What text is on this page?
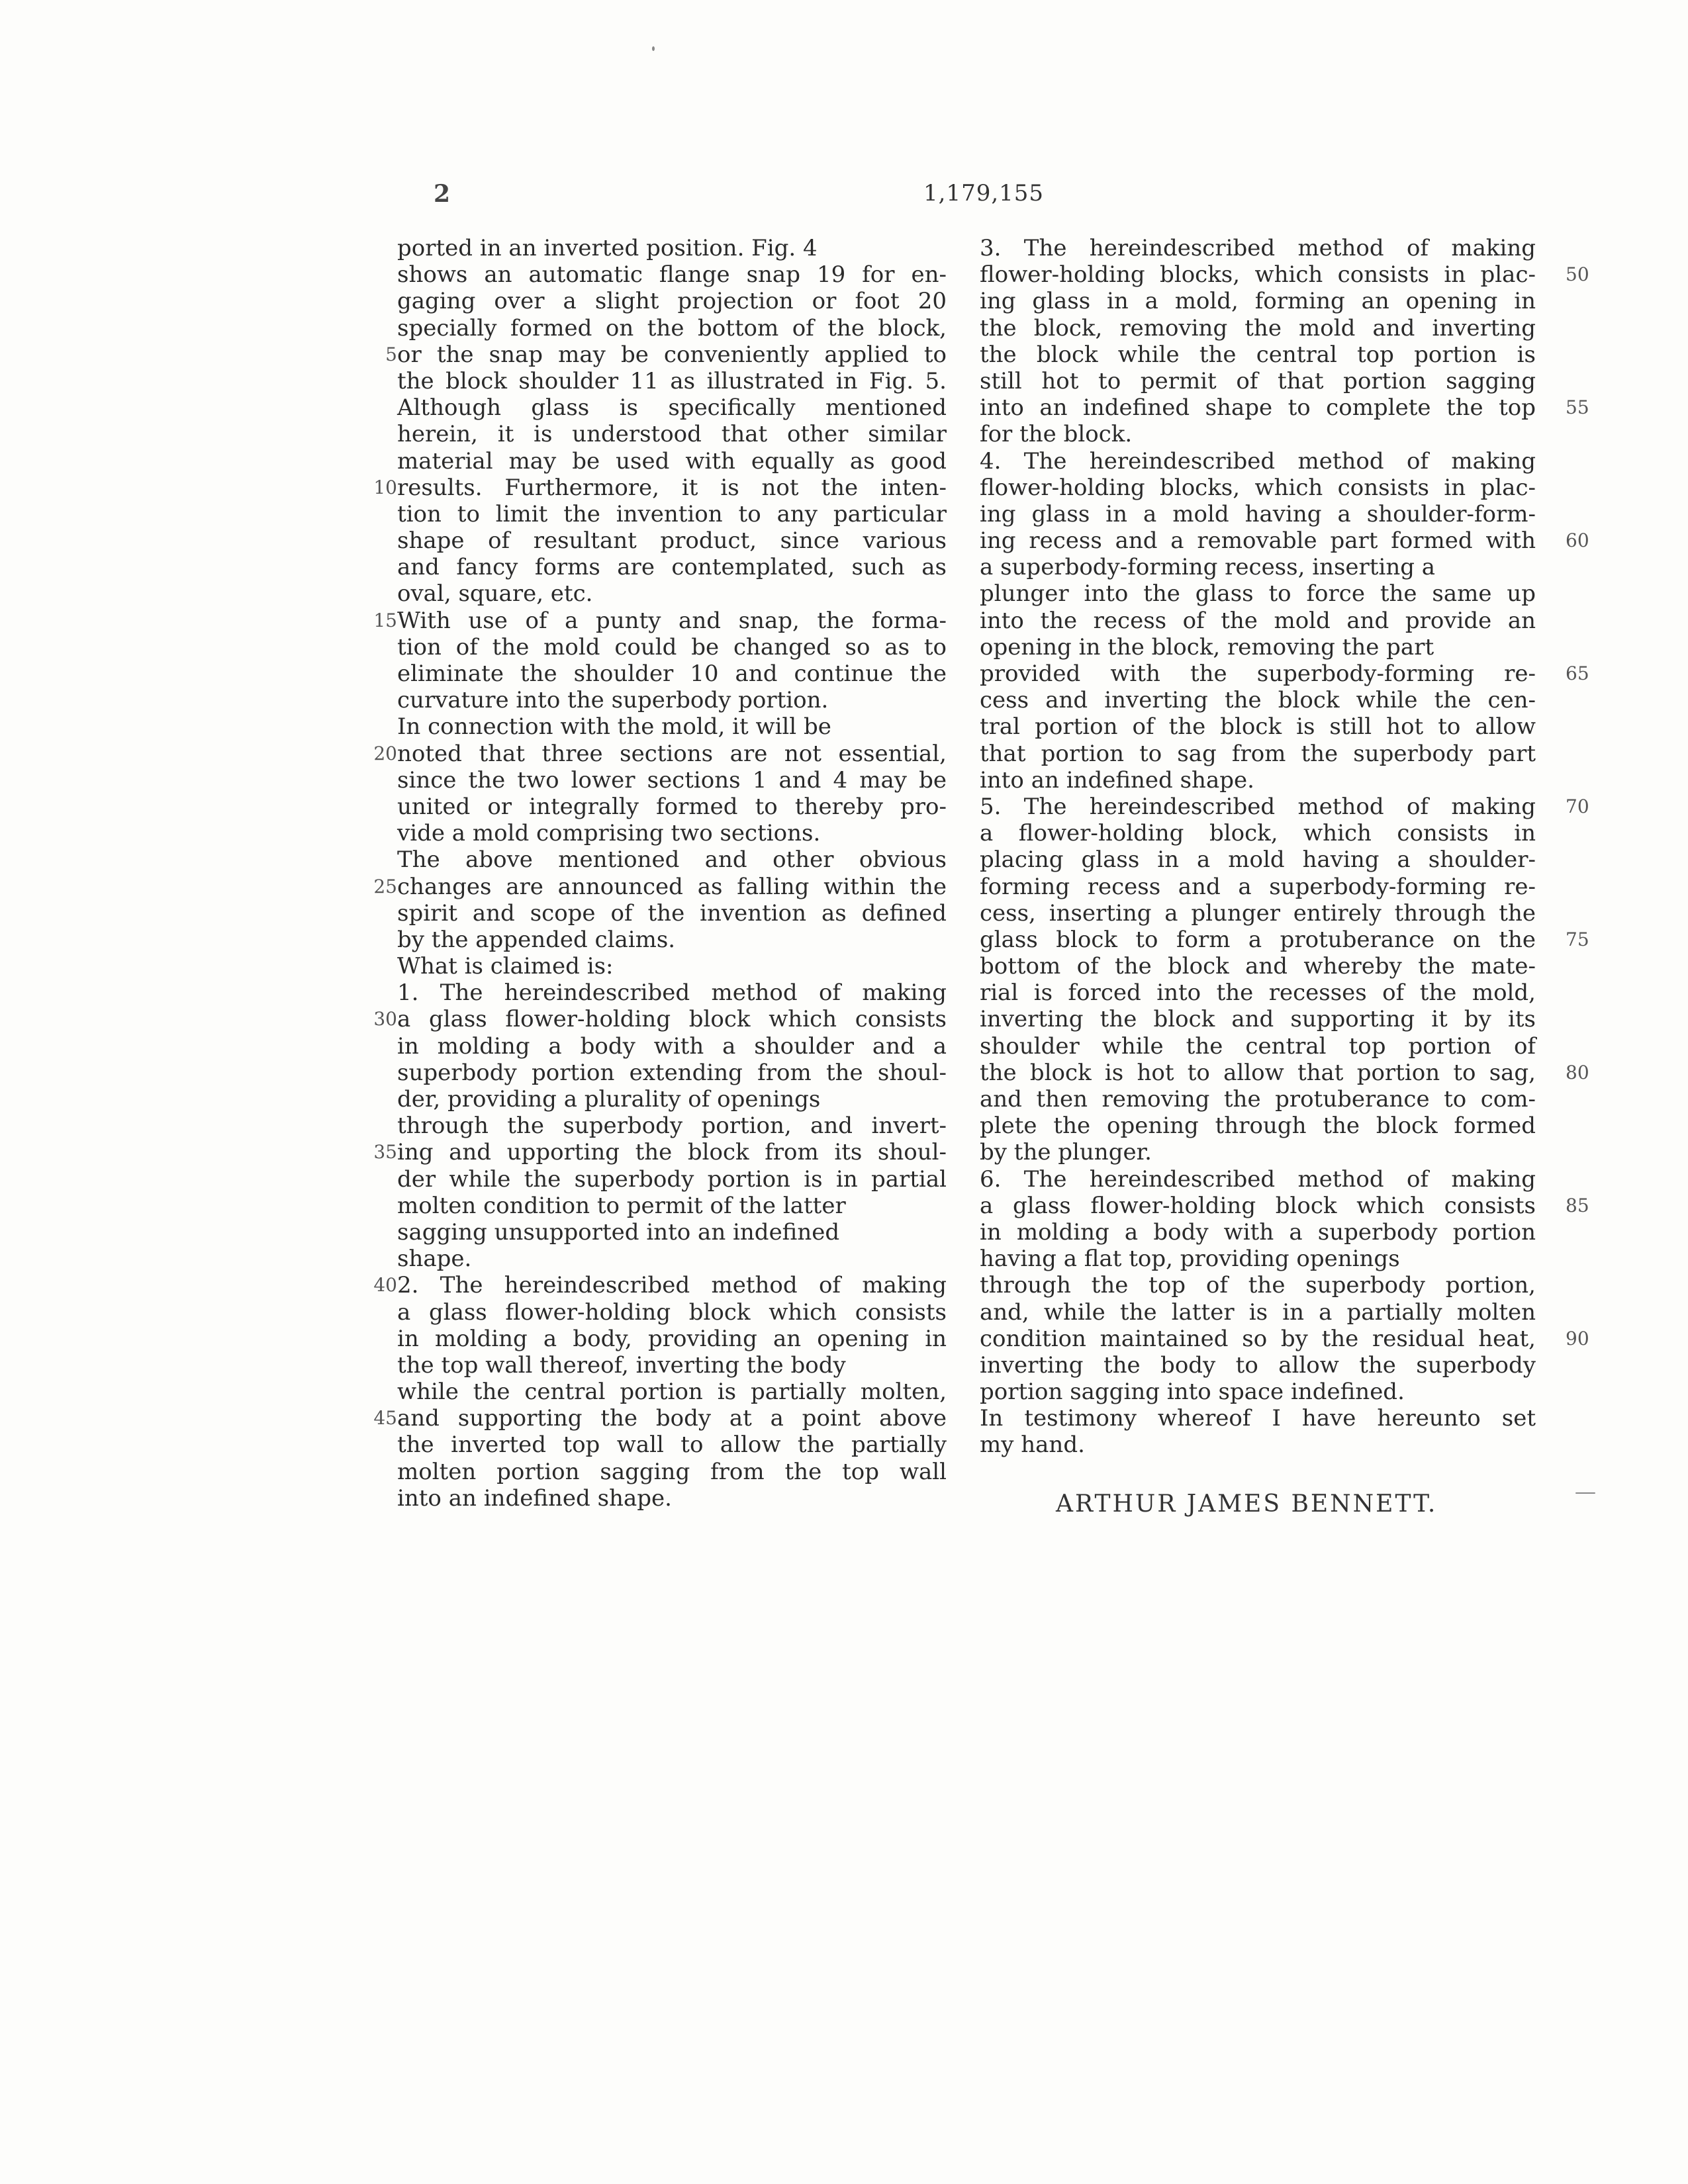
2	1,179,155
ported in an inverted position. Fig. 4
shows an automatic flange snap 19 for en-
gaging over a slight projection or foot 20
specially formed on the bottom of the block,
or the snap may be conveniently applied to
5
the block shoulder 11 as illustrated in Fig. 5.
Although glass is specifically mentioned
herein, it is understood that other similar
material may be used with equally as good
results. Furthermore, it is not the inten-
10
tion to limit the invention to any particular
shape of resultant product, since various
and fancy forms are contemplated, such as
oval, square, etc.
With use of a punty and snap, the forma-
15
tion of the mold could be changed so as to
eliminate the shoulder 10 and continue the
curvature into the superbody portion.
In connection with the mold, it will be
noted that three sections are not essential,
20
since the two lower sections 1 and 4 may be
united or integrally formed to thereby pro-
vide a mold comprising two sections.
The above mentioned and other obvious
changes are announced as falling within the
25
spirit and scope of the invention as defined
by the appended claims.
What is claimed is:
1. The hereindescribed method of making
a glass flower-holding block which consists
30
in molding a body with a shoulder and a
superbody portion extending from the shoul-
der, providing a plurality of openings
through the superbody portion, and invert-
ing and upporting the block from its shoul-
35
der while the superbody portion is in partial
molten condition to permit of the latter
sagging unsupported into an indefined
shape.
2. The hereindescribed method of making
40
a glass flower-holding block which consists
in molding a body, providing an opening in
the top wall thereof, inverting the body
while the central portion is partially molten,
and supporting the body at a point above
45
the inverted top wall to allow the partially
molten portion sagging from the top wall
into an indefined shape.
3. The hereindescribed method of making
flower-holding blocks, which consists in plac- 50
ing glass in a mold, forming an opening in
the block, removing the mold and inverting
the block while the central top portion is
still hot to permit of that portion sagging
into an indefined shape to complete the top 55
for the block.
4. The hereindescribed method of making
flower-holding blocks, which consists in plac-
ing glass in a mold having a shoulder-form-
ing recess and a removable part formed with 60
a superbody-forming recess, inserting a
plunger into the glass to force the same up
into the recess of the mold and provide an
opening in the block, removing the part
provided with the superbody-forming re- 65
cess and inverting the block while the cen-
tral portion of the block is still hot to allow
that portion to sag from the superbody part
into an indefined shape.
5. The hereindescribed method of making 70
a flower-holding block, which consists in
placing glass in a mold having a shoulder-
forming recess and a superbody-forming re-
cess, inserting a plunger entirely through the
glass block to form a protuberance on the 75
bottom of the block and whereby the mate-
rial is forced into the recesses of the mold,
inverting the block and supporting it by its
shoulder while the central top portion of
the block is hot to allow that portion to sag, 80
and then removing the protuberance to com-
plete the opening through the block formed
by the plunger.
6. The hereindescribed method of making
a glass flower-holding block which consists 85
in molding a body with a superbody portion
having a flat top, providing openings
through the top of the superbody portion,
and, while the latter is in a partially molten
condition maintained so by the residual heat, 90
inverting the body to allow the superbody
portion sagging into space indefined.
In testimony whereof I have hereunto set
my hand.
ARTHUR JAMES BENNETT.
